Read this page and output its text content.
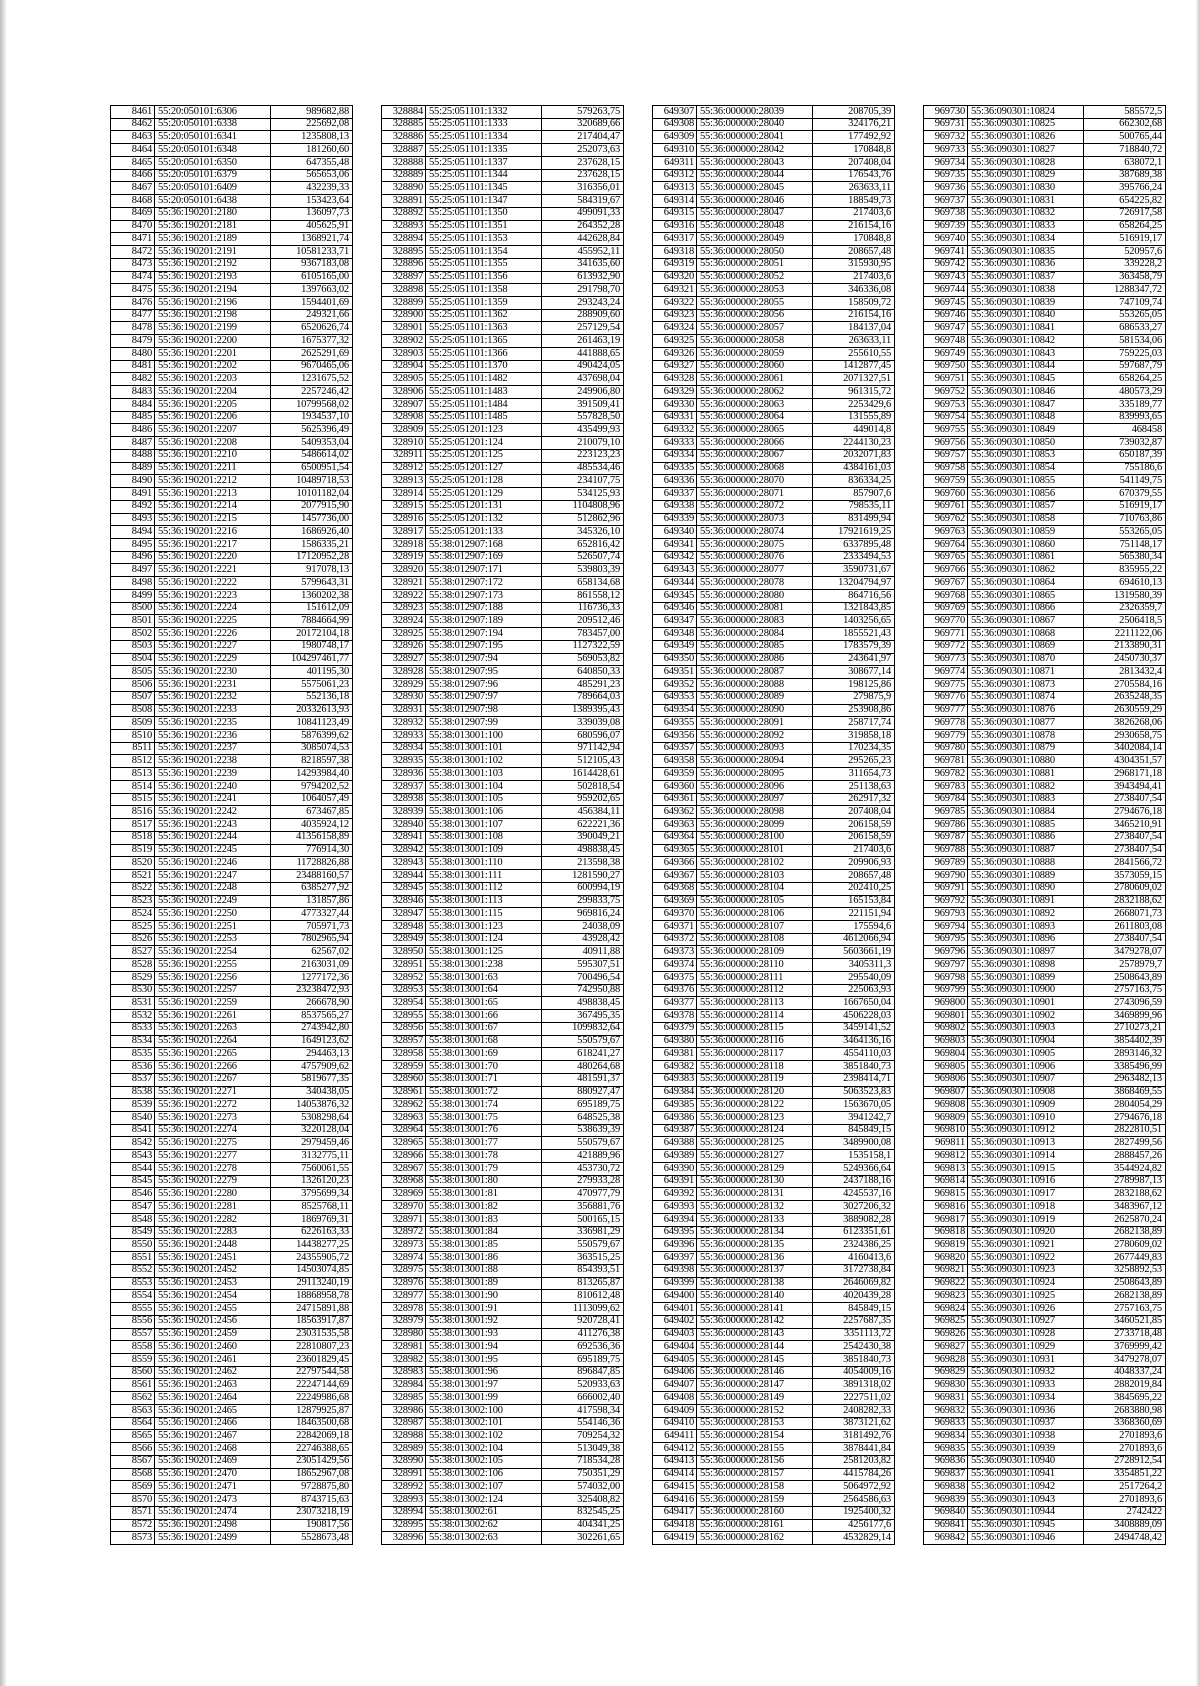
8461 55:20:050101:6306	989682,88
8462 55:20:050101:6338	225692,08
8463 55:20:050101:6341	1235808,13
8464 55:20:050101:6348	181260,60
8465 55:20:050101:6350	647355,48
8466 55:20:050101:6379	565653,06
8467 55:20:050101:6409	432239,33
8468 55:20:050101:6438	153423,64
8469 55:36:190201:2180	136097,73
8470 55:36:190201:2181	405625,91
8471 55:36:190201:2189	1368921,74
8472 55:36:190201:2191	10581233,71
8473 55:36:190201:2192	9367183,08
8474 55:36:190201:2193	6105165,00
8475 55:36:190201:2194	1397663,02
8476 55:36:190201:2196	1594401,69
8477 55:36:190201:2198	249321,66
8478 55:36:190201:2199	6520626,74
8479 55:36:190201:2200	1675377,32
8480 55:36:190201:2201	2625291,69
8481 55:36:190201:2202	9670465,06
8482 55:36:190201:2203	1231675,52
8483 55:36:190201:2204	2257246,42
8484 55:36:190201:2205	10799568,02
8485 55:36:190201:2206	1934537,10
8486 55:36:190201:2207	5625396,49
8487 55:36:190201:2208	5409353,04
8488 55:36:190201:2210	5486614,02
8489 55:36:190201:2211	6500951,54
8490 55:36:190201:2212	10489718,53
8491 55:36:190201:2213	10101182,04
8492 55:36:190201:2214	2077915,90
8493 55:36:190201:2215	1457736,00
8494 55:36:190201:2216	1686926,40
8495 55:36:190201:2217	1586335,21
8496 55:36:190201:2220	17120952,28
8497 55:36:190201:2221	917078,13
8498 55:36:190201:2222	5799643,31
8499 55:36:190201:2223	1360202,38
8500 55:36:190201:2224	151612,09
8501 55:36:190201:2225	7884664,99
8502 55:36:190201:2226	20172104,18
8503 55:36:190201:2227	1980748,17
8504 55:36:190201:2229	104297461,77
8505 55:36:190201:2230	401195,30
8506 55:36:190201:2231	5575061,23
8507 55:36:190201:2232	552136,18
8508 55:36:190201:2233	20332613,93
8509 55:36:190201:2235	10841123,49
8510 55:36:190201:2236	5876399,62
8511 55:36:190201:2237	3085074,53
8512 55:36:190201:2238	8218597,38
8513 55:36:190201:2239	14293984,40
8514 55:36:190201:2240	9794202,52
8515 55:36:190201:2241	1064057,49
8516 55:36:190201:2242	673467,85
8517 55:36:190201:2243	4035924,12
8518 55:36:190201:2244	41356158,89
8519 55:36:190201:2245	776914,30
8520 55:36:190201:2246	11728826,88
8521 55:36:190201:2247	23488160,57
8522 55:36:190201:2248	6385277,92
8523 55:36:190201:2249	131857,86
8524 55:36:190201:2250	4773327,44
8525 55:36:190201:2251	705971,73
8526 55:36:190201:2253	7802965,94
8527 55:36:190201:2254	62567,02
8528 55:36:190201:2255	2163031,09
8529 55:36:190201:2256	1277172,36
8530 55:36:190201:2257	23238472,93
8531 55:36:190201:2259	266678,90
8532 55:36:190201:2261	8537565,27
8533 55:36:190201:2263	2743942,80
8534 55:36:190201:2264	1649123,62
8535 55:36:190201:2265	294463,13
8536 55:36:190201:2266	4757909,62
8537 55:36:190201:2267	5819677,35
8538 55:36:190201:2271	340438,05
8539 55:36:190201:2272	14053876,32
8540 55:36:190201:2273	5308298,64
8541 55:36:190201:2274	3220128,04
8542 55:36:190201:2275	2979459,46
8543 55:36:190201:2277	3132775,11
8544 55:36:190201:2278	7560061,55
8545 55:36:190201:2279	1326120,23
8546 55:36:190201:2280	3795699,34
8547 55:36:190201:2281	8525768,11
8548 55:36:190201:2282	1869769,31
8549 55:36:190201:2283	6226163,33
8550 55:36:190201:2448	14438277,25
8551 55:36:190201:2451	24355905,72
8552 55:36:190201:2452	14503074,85
8553 55:36:190201:2453	29113240,19
8554 55:36:190201:2454	18868958,78
8555 55:36:190201:2455	24715891,88
8556 55:36:190201:2456	18563917,87
8557 55:36:190201:2459	23031535,58
8558 55:36:190201:2460	22810807,23
8559 55:36:190201:2461	23601829,45
8560 55:36:190201:2462	22797544,58
8561 55:36:190201:2463	22247144,69
8562 55:36:190201:2464	22249986,68
8563 55:36:190201:2465	12879925,87
8564 55:36:190201:2466	18463500,68
8565 55:36:190201:2467	22842069,18
8566 55:36:190201:2468	22746388,65
8567 55:36:190201:2469	23051429,56
8568 55:36:190201:2470	18652967,08
8569 55:36:190201:2471	9728875,80
8570 55:36:190201:2473	8743715,63
8571 55:36:190201:2474	23073218,19
8572 55:36:190201:2498	190817,56
8573 55:36:190201:2499	5528673,48
328884 55:25:051101:1332	579263,75
328885 55:25:051101:1333	320689,66
328886 55:25:051101:1334	217404,47
328887 55:25:051101:1335	252073,63
328888 55:25:051101:1337	237628,15
328889 55:25:051101:1344	237628,15
328890 55:25:051101:1345	316356,01
328891 55:25:051101:1347	584319,67
328892 55:25:051101:1350	499091,33
328893 55:25:051101:1351	264352,28
328894 55:25:051101:1353	442628,84
328895 55:25:051101:1354	455952,11
328896 55:25:051101:1355	341635,60
328897 55:25:051101:1356	613932,90
328898 55:25:051101:1358	291798,70
328899 55:25:051101:1359	293243,24
328900 55:25:051101:1362	288909,60
328901 55:25:051101:1363	257129,54
328902 55:25:051101:1365	261463,19
328903 55:25:051101:1366	441888,65
328904 55:25:051101:1370	490424,05
328905 55:25:051101:1482	437698,04
328906 55:25:051101:1483	249906,80
328907 55:25:051101:1484	391509,41
328908 55:25:051101:1485	557828,50
328909 55:25:051201:123	435499,93
328910 55:25:051201:124	210079,10
328911 55:25:051201:125	223123,23
328912 55:25:051201:127	485534,46
328913 55:25:051201:128	234107,75
328914 55:25:051201:129	534125,93
328915 55:25:051201:131	1104808,96
328916 55:25:051201:132	512862,96
328917 55:25:051201:133	345326,10
328918 55:38:012907:168	652816,42
328919 55:38:012907:169	526507,74
328920 55:38:012907:171	539803,39
328921 55:38:012907:172	658134,68
328922 55:38:012907:173	861558,12
328923 55:38:012907:188	116736,33
328924 55:38:012907:189	209512,46
328925 55:38:012907:194	783457,00
328926 55:38:012907:195	1127322,59
328927 55:38:012907:94	569053,82
328928 55:38:012907:95	640850,33
328929 55:38:012907:96	485291,23
328930 55:38:012907:97	789664,03
328931 55:38:012907:98	1389395,43
328932 55:38:012907:99	339039,08
328933 55:38:013001:100	680596,07
328934 55:38:013001:101	971142,94
328935 55:38:013001:102	512105,43
328936 55:38:013001:103	1614428,61
328937 55:38:013001:104	502818,54
328938 55:38:013001:105	959202,65
328939 55:38:013001:106	456384,11
328940 55:38:013001:107	622221,36
328941 55:38:013001:108	390049,21
328942 55:38:013001:109	498838,45
328943 55:38:013001:110	213598,38
328944 55:38:013001:111	1281590,27
328945 55:38:013001:112	600994,19
328946 55:38:013001:113	299833,75
328947 55:38:013001:115	969816,24
328948 55:38:013001:123	24038,09
328949 55:38:013001:124	43928,42
328950 55:38:013001:125	40911,88
328951 55:38:013001:238	595307,51
328952 55:38:013001:63	700496,54
328953 55:38:013001:64	742950,88
328954 55:38:013001:65	498838,45
328955 55:38:013001:66	367495,35
328956 55:38:013001:67	1099832,64
328957 55:38:013001:68	550579,67
328958 55:38:013001:69	618241,27
328959 55:38:013001:70	480264,68
328960 55:38:013001:71	481591,37
328961 55:38:013001:72	880927,47
328962 55:38:013001:74	695189,75
328963 55:38:013001:75	648525,38
328964 55:38:013001:76	538639,39
328965 55:38:013001:77	550579,67
328966 55:38:013001:78	421889,96
328967 55:38:013001:79	453730,72
328968 55:38:013001:80	279933,28
328969 55:38:013001:81	470977,79
328970 55:38:013001:82	356881,76
328971 55:38:013001:83	500165,15
328972 55:38:013001:84	336981,29
328973 55:38:013001:85	550579,67
328974 55:38:013001:86	363515,25
328975 55:38:013001:88	854393,51
328976 55:38:013001:89	813265,87
328977 55:38:013001:90	810612,48
328978 55:38:013001:91	1113099,62
328979 55:38:013001:92	920728,41
328980 55:38:013001:93	411276,38
328981 55:38:013001:94	692536,36
328982 55:38:013001:95	695189,75
328983 55:38:013001:96	896847,85
328984 55:38:013001:97	520933,63
328985 55:38:013001:99	666002,40
328986 55:38:013002:100	417598,34
328987 55:38:013002:101	554146,36
328988 55:38:013002:102	709254,32
328989 55:38:013002:104	513049,38
328990 55:38:013002:105	718534,28
328991 55:38:013002:106	750351,29
328992 55:38:013002:107	574032,00
328993 55:38:013002:124	325408,82
328994 55:38:013002:61	832545,25
328995 55:38:013002:62	404341,25
328996 55:38:013002:63	302261,65
649307 55:36:000000:28039	208705,39
649308 55:36:000000:28040	324176,21
649309 55:36:000000:28041	177492,92
649310 55:36:000000:28042	170848,8
649311 55:36:000000:28043	207408,04
649312 55:36:000000:28044	176543,76
649313 55:36:000000:28045	263633,11
649314 55:36:000000:28046	188549,73
649315 55:36:000000:28047	217403,6
649316 55:36:000000:28048	216154,16
649317 55:36:000000:28049	170848,8
649318 55:36:000000:28050	208657,48
649319 55:36:000000:28051	315930,95
649320 55:36:000000:28052	217403,6
649321 55:36:000000:28053	346336,08
649322 55:36:000000:28055	158509,72
649323 55:36:000000:28056	216154,16
649324 55:36:000000:28057	184137,04
649325 55:36:000000:28058	263633,11
649326 55:36:000000:28059	255610,55
649327 55:36:000000:28060	1412877,45
649328 55:36:000000:28061	2071327,51
649329 55:36:000000:28062	961315,72
649330 55:36:000000:28063	2253429,6
649331 55:36:000000:28064	131555,89
649332 55:36:000000:28065	449014,8
649333 55:36:000000:28066	2244130,23
649334 55:36:000000:28067	2032071,83
649335 55:36:000000:28068	4384161,03
649336 55:36:000000:28070	836334,25
649337 55:36:000000:28071	857907,6
649338 55:36:000000:28072	798535,11
649339 55:36:000000:28073	831499,94
649340 55:36:000000:28074	17921619,25
649341 55:36:000000:28075	6337895,48
649342 55:36:000000:28076	2333494,53
649343 55:36:000000:28077	3590731,67
649344 55:36:000000:28078	13204794,97
649345 55:36:000000:28080	864716,56
649346 55:36:000000:28081	1321843,85
649347 55:36:000000:28083	1403256,65
649348 55:36:000000:28084	1855521,43
649349 55:36:000000:28085	1783579,39
649350 55:36:000000:28086	243641,97
649351 55:36:000000:28087	308677,14
649352 55:36:000000:28088	198125,86
649353 55:36:000000:28089	279875,9
649354 55:36:000000:28090	253908,86
649355 55:36:000000:28091	258717,74
649356 55:36:000000:28092	319858,18
649357 55:36:000000:28093	170234,35
649358 55:36:000000:28094	295265,23
649359 55:36:000000:28095	311654,73
649360 55:36:000000:28096	251138,63
649361 55:36:000000:28097	262917,32
649362 55:36:000000:28098	207408,04
649363 55:36:000000:28099	206158,59
649364 55:36:000000:28100	206158,59
649365 55:36:000000:28101	217403,6
649366 55:36:000000:28102	209906,93
649367 55:36:000000:28103	208657,48
649368 55:36:000000:28104	202410,25
649369 55:36:000000:28105	165153,84
649370 55:36:000000:28106	221151,94
649371 55:36:000000:28107	175594,6
649372 55:36:000000:28108	4612066,94
649373 55:36:000000:28109	5603661,19
649374 55:36:000000:28110	3405311,3
649375 55:36:000000:28111	295540,09
649376 55:36:000000:28112	225063,93
649377 55:36:000000:28113	1667650,04
649378 55:36:000000:28114	4506228,03
649379 55:36:000000:28115	3459141,52
649380 55:36:000000:28116	3464136,16
649381 55:36:000000:28117	4554110,03
649382 55:36:000000:28118	3851840,73
649383 55:36:000000:28119	2398414,71
649384 55:36:000000:28120	5063523,83
649385 55:36:000000:28122	1563670,05
649386 55:36:000000:28123	3941242,7
649387 55:36:000000:28124	845849,15
649388 55:36:000000:28125	3489900,08
649389 55:36:000000:28127	1535158,1
649390 55:36:000000:28129	5249366,64
649391 55:36:000000:28130	2437188,16
649392 55:36:000000:28131	4245537,16
649393 55:36:000000:28132	3027206,32
649394 55:36:000000:28133	3889082,28
649395 55:36:000000:28134	6123351,61
649396 55:36:000000:28135	2324386,25
649397 55:36:000000:28136	4160413,6
649398 55:36:000000:28137	3172738,84
649399 55:36:000000:28138	2646069,82
649400 55:36:000000:28140	4020439,28
649401 55:36:000000:28141	845849,15
649402 55:36:000000:28142	2257687,35
649403 55:36:000000:28143	3351113,72
649404 55:36:000000:28144	2542430,38
649405 55:36:000000:28145	3851840,73
649406 55:36:000000:28146	4054009,16
649407 55:36:000000:28147	3891318,02
649408 55:36:000000:28149	2227511,02
649409 55:36:000000:28152	2408282,33
649410 55:36:000000:28153	3873121,62
649411 55:36:000000:28154	3181492,76
649412 55:36:000000:28155	3878441,84
649413 55:36:000000:28156	2581203,82
649414 55:36:000000:28157	4415784,26
649415 55:36:000000:28158	5064972,92
649416 55:36:000000:28159	2564586,63
649417 55:36:000000:28160	1925400,32
649418 55:36:000000:28161	4256177,6
649419 55:36:000000:28162	4532829,14
969730 55:36:090301:10824	585572,5
969731 55:36:090301:10825	662302,68
969732 55:36:090301:10826	500765,44
969733 55:36:090301:10827	718840,72
969734 55:36:090301:10828	638072,1
969735 55:36:090301:10829	387689,38
969736 55:36:090301:10830	395766,24
969737 55:36:090301:10831	654225,82
969738 55:36:090301:10832	726917,58
969739 55:36:090301:10833	658264,25
969740 55:36:090301:10834	516919,17
969741 55:36:090301:10835	520957,6
969742 55:36:090301:10836	339228,2
969743 55:36:090301:10837	363458,79
969744 55:36:090301:10838	1288347,72
969745 55:36:090301:10839	747109,74
969746 55:36:090301:10840	553265,05
969747 55:36:090301:10841	686533,27
969748 55:36:090301:10842	581534,06
969749 55:36:090301:10843	759225,03
969750 55:36:090301:10844	597687,79
969751 55:36:090301:10845	658264,25
969752 55:36:090301:10846	480573,29
969753 55:36:090301:10847	335189,77
969754 55:36:090301:10848	839993,65
969755 55:36:090301:10849	468458
969756 55:36:090301:10850	739032,87
969757 55:36:090301:10853	650187,39
969758 55:36:090301:10854	755186,6
969759 55:36:090301:10855	541149,75
969760 55:36:090301:10856	670379,55
969761 55:36:090301:10857	516919,17
969762 55:36:090301:10858	710763,86
969763 55:36:090301:10859	553265,05
969764 55:36:090301:10860	751148,17
969765 55:36:090301:10861	565380,34
969766 55:36:090301:10862	835955,22
969767 55:36:090301:10864	694610,13
969768 55:36:090301:10865	1319580,39
969769 55:36:090301:10866	2326359,7
969770 55:36:090301:10867	2506418,5
969771 55:36:090301:10868	2211122,06
969772 55:36:090301:10869	2133890,31
969773 55:36:090301:10870	2450730,37
969774 55:36:090301:10871	2813432,4
969775 55:36:090301:10873	2705584,16
969776 55:36:090301:10874	2635248,35
969777 55:36:090301:10876	2630559,29
969778 55:36:090301:10877	3826268,06
969779 55:36:090301:10878	2930658,75
969780 55:36:090301:10879	3402084,14
969781 55:36:090301:10880	4304351,57
969782 55:36:090301:10881	2968171,18
969783 55:36:090301:10882	3943494,41
969784 55:36:090301:10883	2738407,54
969785 55:36:090301:10884	2794676,18
969786 55:36:090301:10885	3465210,91
969787 55:36:090301:10886	2738407,54
969788 55:36:090301:10887	2738407,54
969789 55:36:090301:10888	2841566,72
969790 55:36:090301:10889	3573059,15
969791 55:36:090301:10890	2780609,02
969792 55:36:090301:10891	2832188,62
969793 55:36:090301:10892	2668071,73
969794 55:36:090301:10893	2611803,08
969795 55:36:090301:10896	2738407,54
969796 55:36:090301:10897	3479278,07
969797 55:36:090301:10898	2578979,7
969798 55:36:090301:10899	2508643,89
969799 55:36:090301:10900	2757163,75
969800 55:36:090301:10901	2743096,59
969801 55:36:090301:10902	3469899,96
969802 55:36:090301:10903	2710273,21
969803 55:36:090301:10904	3854402,39
969804 55:36:090301:10905	2893146,32
969805 55:36:090301:10906	3385496,99
969806 55:36:090301:10907	2963482,13
969807 55:36:090301:10908	3868469,55
969808 55:36:090301:10909	2804054,29
969809 55:36:090301:10910	2794676,18
969810 55:36:090301:10912	2822810,51
969811 55:36:090301:10913	2827499,56
969812 55:36:090301:10914	2888457,26
969813 55:36:090301:10915	3544924,82
969814 55:36:090301:10916	2789987,13
969815 55:36:090301:10917	2832188,62
969816 55:36:090301:10918	3483967,12
969817 55:36:090301:10919	2625870,24
969818 55:36:090301:10920	2682138,89
969819 55:36:090301:10921	2780609,02
969820 55:36:090301:10922	2677449,83
969821 55:36:090301:10923	3258892,53
969822 55:36:090301:10924	2508643,89
969823 55:36:090301:10925	2682138,89
969824 55:36:090301:10926	2757163,75
969825 55:36:090301:10927	3460521,85
969826 55:36:090301:10928	2733718,48
969827 55:36:090301:10929	3769999,42
969828 55:36:090301:10931	3479278,07
969829 55:36:090301:10932	4048337,24
969830 55:36:090301:10933	2882019,84
969831 55:36:090301:10934	3845695,22
969832 55:36:090301:10936	2683880,98
969833 55:36:090301:10937	3368360,69
969834 55:36:090301:10938	2701893,6
969835 55:36:090301:10939	2701893,6
969836 55:36:090301:10940	2728912,54
969837 55:36:090301:10941	3354851,22
969838 55:36:090301:10942	2517264,2
969839 55:36:090301:10943	2701893,6
969840 55:36:090301:10944	2742422
969841 55:36:090301:10945	3408889,09
969842 55:36:090301:10946	2494748,42
